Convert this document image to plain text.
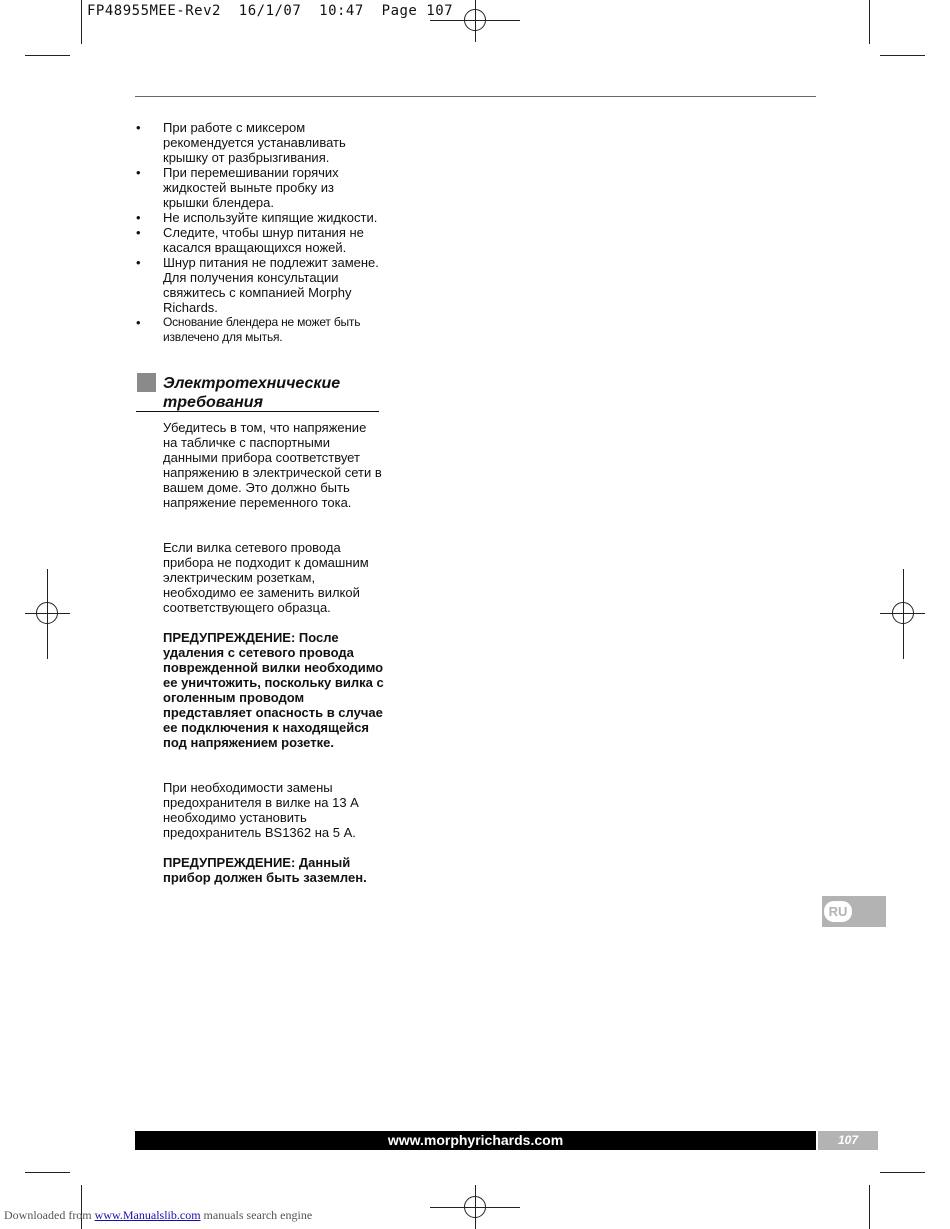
FP48955MEE-Rev2  16/1/07  10:47  Page 107
• При работе с миксером рекомендуется устанавливать крышку от разбрызгивания.
• При перемешивании горячих жидкостей выньте пробку из крышки блендера.
• Не используйте кипящие жидкости.
• Следите, чтобы шнур питания не касался вращающихся ножей.
• Шнур питания не подлежит замене. Для получения консультации свяжитесь с компанией Morphy Richards.
• Основание блендера не может быть извлечено для мытья.
Электротехнические требования

Убедитесь в том, что напряжение на табличке с паспортными данными прибора соответствует напряжению в электрической сети в вашем доме. Это должно быть напряжение переменного тока.

Если вилка сетевого провода прибора не подходит к домашним электрическим розеткам, необходимо ее заменить вилкой соответствующего образца.

ПРЕДУПРЕЖДЕНИЕ: После удаления с сетевого провода поврежденной вилки необходимо ее уничтожить, поскольку вилка с оголенным проводом представляет опасность в случае ее подключения к находящейся под напряжением розетке.

При необходимости замены предохранителя в вилке на 13 А необходимо установить предохранитель BS1362 на 5 А.

ПРЕДУПРЕЖДЕНИЕ: Данный прибор должен быть заземлен.

RU
www.morphyrichards.com	107
Downloaded from www.Manualslib.com manuals search engine
